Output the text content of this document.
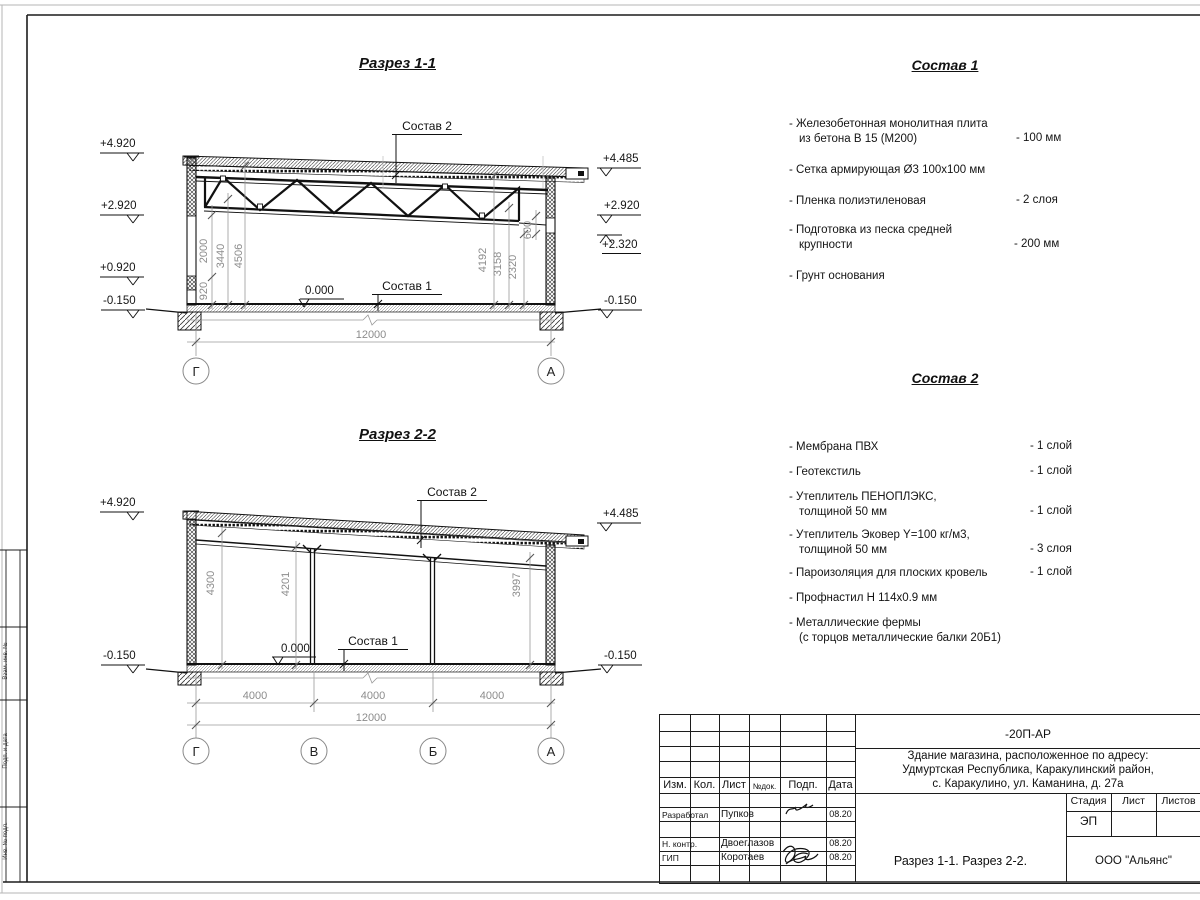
Разрез 1-1
Состав 2
Состав 1
0.000
+4.920
+2.920
+0.920
-0.150
+4.485
+2.920
+2.320
-0.150
920
2000 3440 4506	4192 3158 2320
600
12000
Г	А
Разрез 2-2
Состав 2
Состав 1
0.000
+4.920
-0.150
+4.485
-0.150
4300	4201	3997
4000	4000	4000
12000
Г	В	Б	А
Состав 1
- Железобетонная монолитная плита
из бетона В 15 (М200)	- 100 мм
- Сетка армирующая Ø3 100х100 мм
- Пленка полиэтиленовая	- 2 слоя
- Подготовка из песка средней
крупности	- 200 мм
- Грунт основания
Состав 2
- Мембрана ПВХ	- 1 слой
- Геотекстиль	- 1 слой
- Утеплитель ПЕНОПЛЭКС,
толщиной 50 мм	- 1 слой
- Утеплитель Эковер Y=100 кг/м3,
толщиной 50 мм	- 3 слоя
- Пароизоляция для плоских кровель	- 1 слой
- Профнастил Н 114х0.9 мм
- Металлические фермы
(с торцов металлические балки 20Б1)
-20П-АР
Здание магазина, расположенное по адресу:
Удмуртская Республика, Каракулинский район,
с. Каракулино, ул. Каманина, д. 27а
Изм. Кол. Лист №док.	Подп. Дата
Разработал	Пупков	08.20
Н. контр.	Двоеглазов	08.20
ГИП	Коротаев	08.20
Стадия	Лист	Листов
ЭП
Разрез 1-1. Разрез 2-2.	ООО "Альянс"
Взам. инв. №
Подп. и дата
Инв. № подл.
